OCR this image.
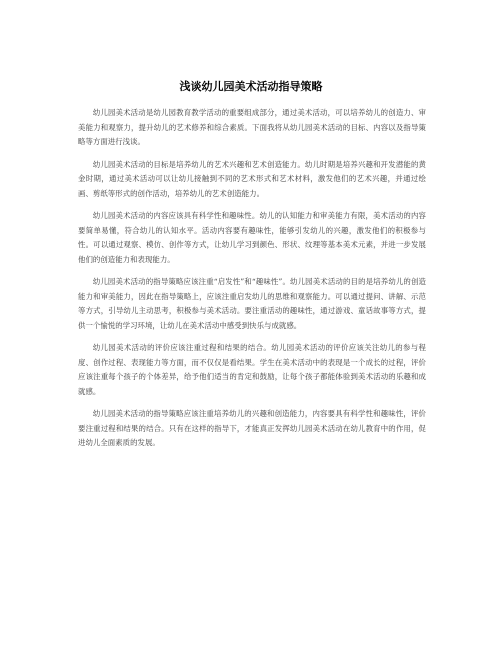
浅谈幼儿园美术活动指导策略

幼儿园美术活动是幼儿园教育教学活动的重要组成部分，通过美术活动，可以培养幼儿的创造力、审美能力和观察力，提升幼儿的艺术修养和综合素质。下面我将从幼儿园美术活动的目标、内容以及指导策略等方面进行浅谈。

幼儿园美术活动的目标是培养幼儿的艺术兴趣和艺术创造能力。幼儿时期是培养兴趣和开发潜能的黄金时期，通过美术活动可以让幼儿接触到不同的艺术形式和艺术材料，激发他们的艺术兴趣，并通过绘画、剪纸等形式的创作活动，培养幼儿的艺术创造能力。

幼儿园美术活动的内容应该具有科学性和趣味性。幼儿的认知能力和审美能力有限，美术活动的内容要简单易懂，符合幼儿的认知水平。活动内容要有趣味性，能够引发幼儿的兴趣，激发他们的积极参与性。可以通过观察、模仿、创作等方式，让幼儿学习到颜色、形状、纹理等基本美术元素，并进一步发展他们的创造能力和表现能力。

幼儿园美术活动的指导策略应该注重“启发性”和“趣味性”。幼儿园美术活动的目的是培养幼儿的创造能力和审美能力，因此在指导策略上，应该注重启发幼儿的思维和观察能力。可以通过提问、讲解、示范等方式，引导幼儿主动思考，积极参与美术活动。要注重活动的趣味性，通过游戏、童话故事等方式，提供一个愉悦的学习环境，让幼儿在美术活动中感受到快乐与成就感。

幼儿园美术活动的评价应该注重过程和结果的结合。幼儿园美术活动的评价应该关注幼儿的参与程度、创作过程、表现能力等方面，而不仅仅是看结果。学生在美术活动中的表现是一个成长的过程，评价应该注重每个孩子的个体差异，给予他们适当的肯定和鼓励，让每个孩子都能体验到美术活动的乐趣和成就感。

幼儿园美术活动的指导策略应该注重培养幼儿的兴趣和创造能力，内容要具有科学性和趣味性，评价要注重过程和结果的结合。只有在这样的指导下，才能真正发挥幼儿园美术活动在幼儿教育中的作用，促进幼儿全面素质的发展。
